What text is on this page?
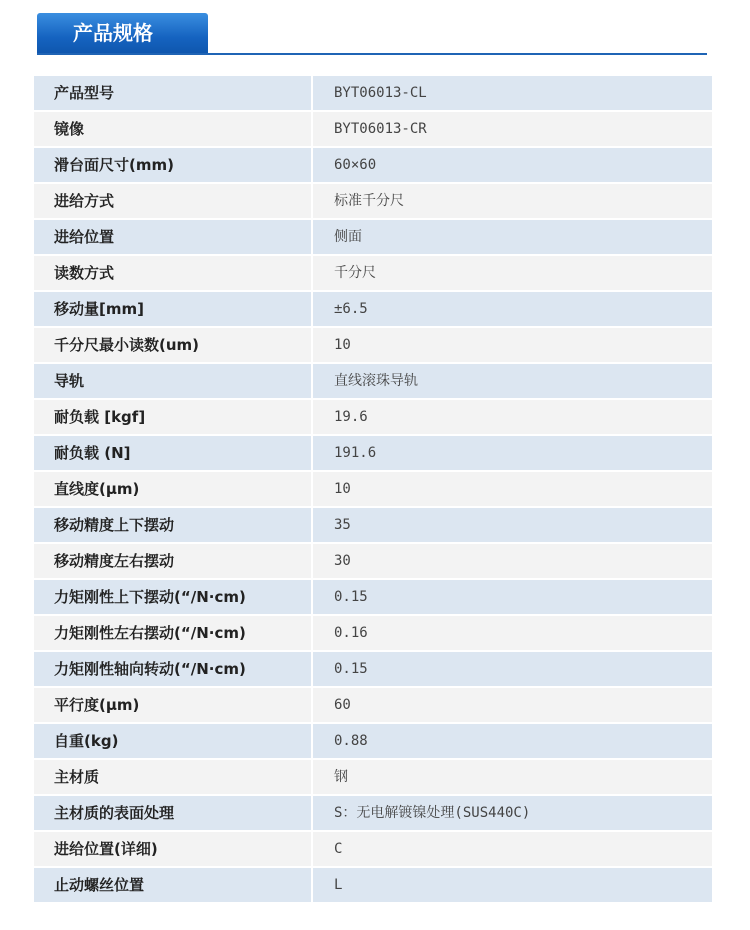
产品规格
产品型号	BYT06013-CL
镜像	BYT06013-CR
滑台面尺寸(mm)	60×60
进给方式	标准千分尺
进给位置	侧面
读数方式	千分尺
移动量[mm]	±6.5
千分尺最小读数(um)	10
导轨	直线滚珠导轨
耐负载 [kgf]	19.6
耐负载 (N]	191.6
直线度(μm)	10
移动精度上下摆动	35
移动精度左右摆动	30
力矩刚性上下摆动(“/N·cm)	0.15
力矩刚性左右摆动(“/N·cm)	0.16
力矩刚性轴向转动(“/N·cm)	0.15
平行度(μm)	60
自重(kg)	0.88
主材质	钢
主材质的表面处理	S：无电解镀镍处理(SUS440C)
进给位置(详细)	C
止动螺丝位置	L
